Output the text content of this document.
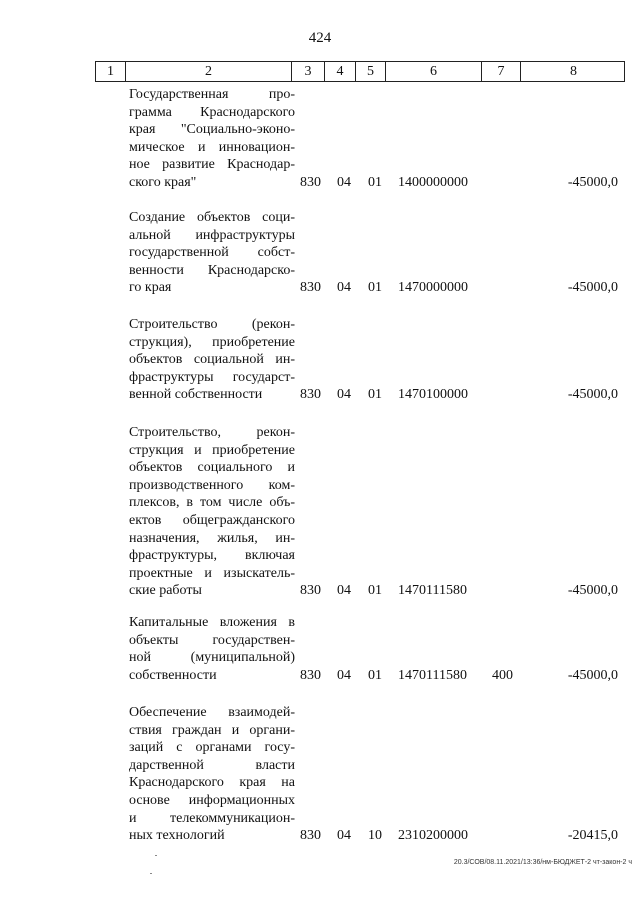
424
1	2	3	4	5	6	7	8
Государственная про-
грамма Краснодарского
края "Социально-эконо-
мическое и инновацион-
ное развитие Краснодар-
ского края"	830 04 01 1400000000	-45000,0
Создание объектов соци-
альной инфраструктуры
государственной собст-
венности Краснодарско-
го края	830 04 01 1470000000	-45000,0
Строительство (рекон-
струкция), приобретение
объектов социальной ин-
фраструктуры государст-
венной собственности	830 04 01 1470100000	-45000,0
Строительство, рекон-
струкция и приобретение
объектов социального и
производственного ком-
плексов, в том числе объ-
ектов общегражданского
назначения, жилья, ин-
фраструктуры, включая
проектные и изыскатель-
ские работы	830 04 01 1470111580	-45000,0
Капитальные вложения в
объекты государствен-
ной (муниципальной)
собственности	830 04 01 1470111580 400	-45000,0
Обеспечение взаимодей-
ствия граждан и органи-
заций с органами госу-
дарственной власти
Краснодарского края на
основе информационных
и телекоммуникацион-
ных технологий	830 04 10 2310200000	-20415,0
20.3/СОВ/08.11.2021/13:36/нм-БЮДЖЕТ-2 чт-закон-2 ч
